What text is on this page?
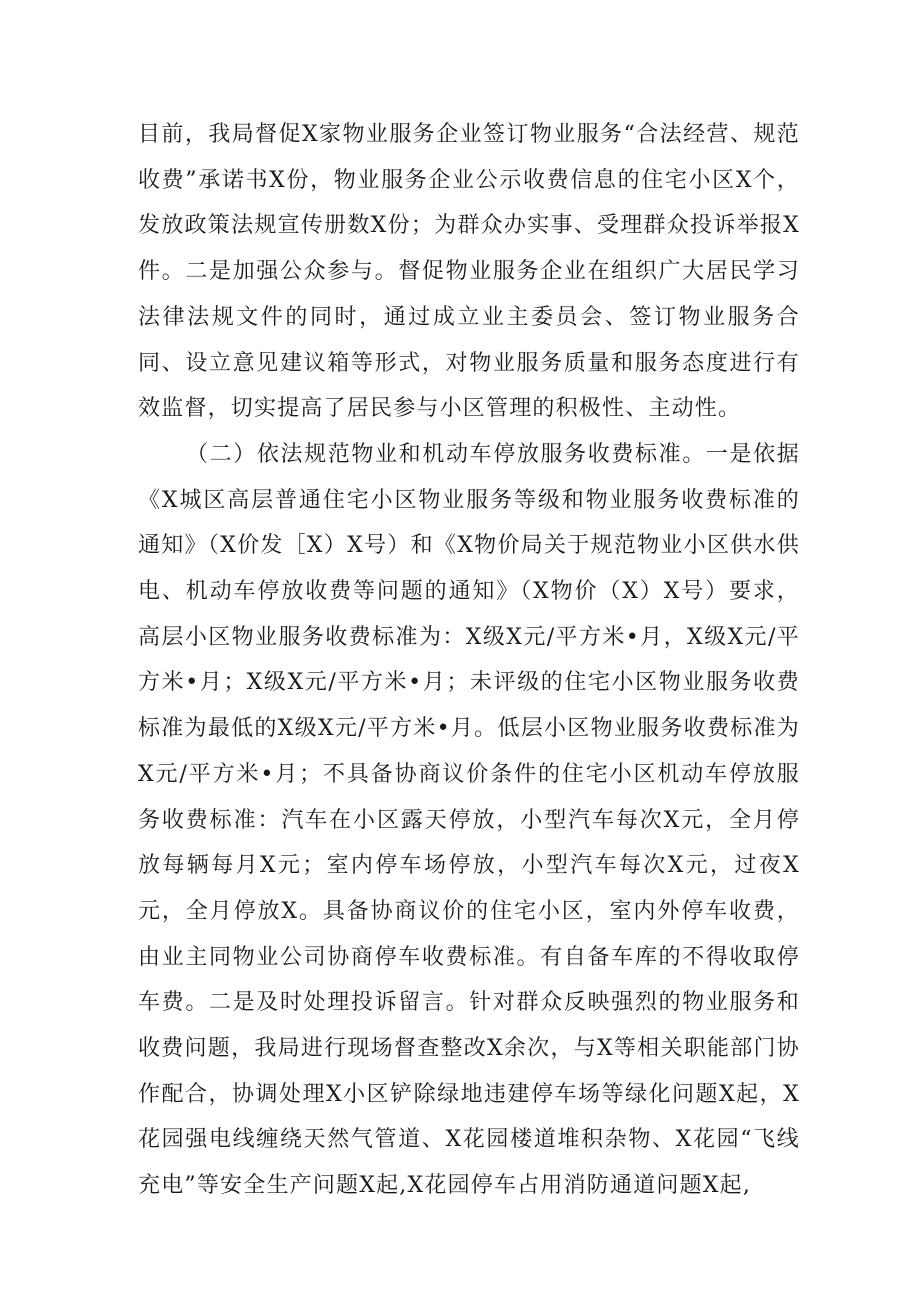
目前，我局督促X家物业服务企业签订物业服务“合法经营、规范收费”承诺书X份，物业服务企业公示收费信息的住宅小区X个，发放政策法规宣传册数X份；为群众办实事、受理群众投诉举报X件。二是加强公众参与。督促物业服务企业在组织广大居民学习法律法规文件的同时，通过成立业主委员会、签订物业服务合同、设立意见建议箱等形式，对物业服务质量和服务态度进行有效监督，切实提高了居民参与小区管理的积极性、主动性。

（二）依法规范物业和机动车停放服务收费标准。一是依据《X城区高层普通住宅小区物业服务等级和物业服务收费标准的通知》（X价发［X）X号）和《X物价局关于规范物业小区供水供电、机动车停放收费等问题的通知》（X物价（X）X号）要求，高层小区物业服务收费标准为：X级X元/平方米•月，X级X元/平方米•月；X级X元/平方米•月；未评级的住宅小区物业服务收费标准为最低的X级X元/平方米•月。低层小区物业服务收费标准为X元/平方米•月；不具备协商议价条件的住宅小区机动车停放服务收费标准：汽车在小区露天停放，小型汽车每次X元，全月停放每辆每月X元；室内停车场停放，小型汽车每次X元，过夜X元，全月停放X。具备协商议价的住宅小区，室内外停车收费，由业主同物业公司协商停车收费标准。有自备车库的不得收取停车费。二是及时处理投诉留言。针对群众反映强烈的物业服务和收费问题，我局进行现场督查整改X余次，与X等相关职能部门协作配合，协调处理X小区铲除绿地违建停车场等绿化问题X起，X花园强电线缠绕天然气管道、X花园楼道堆积杂物、X花园“飞线充电”等安全生产问题X起,X花园停车占用消防通道问题X起,
